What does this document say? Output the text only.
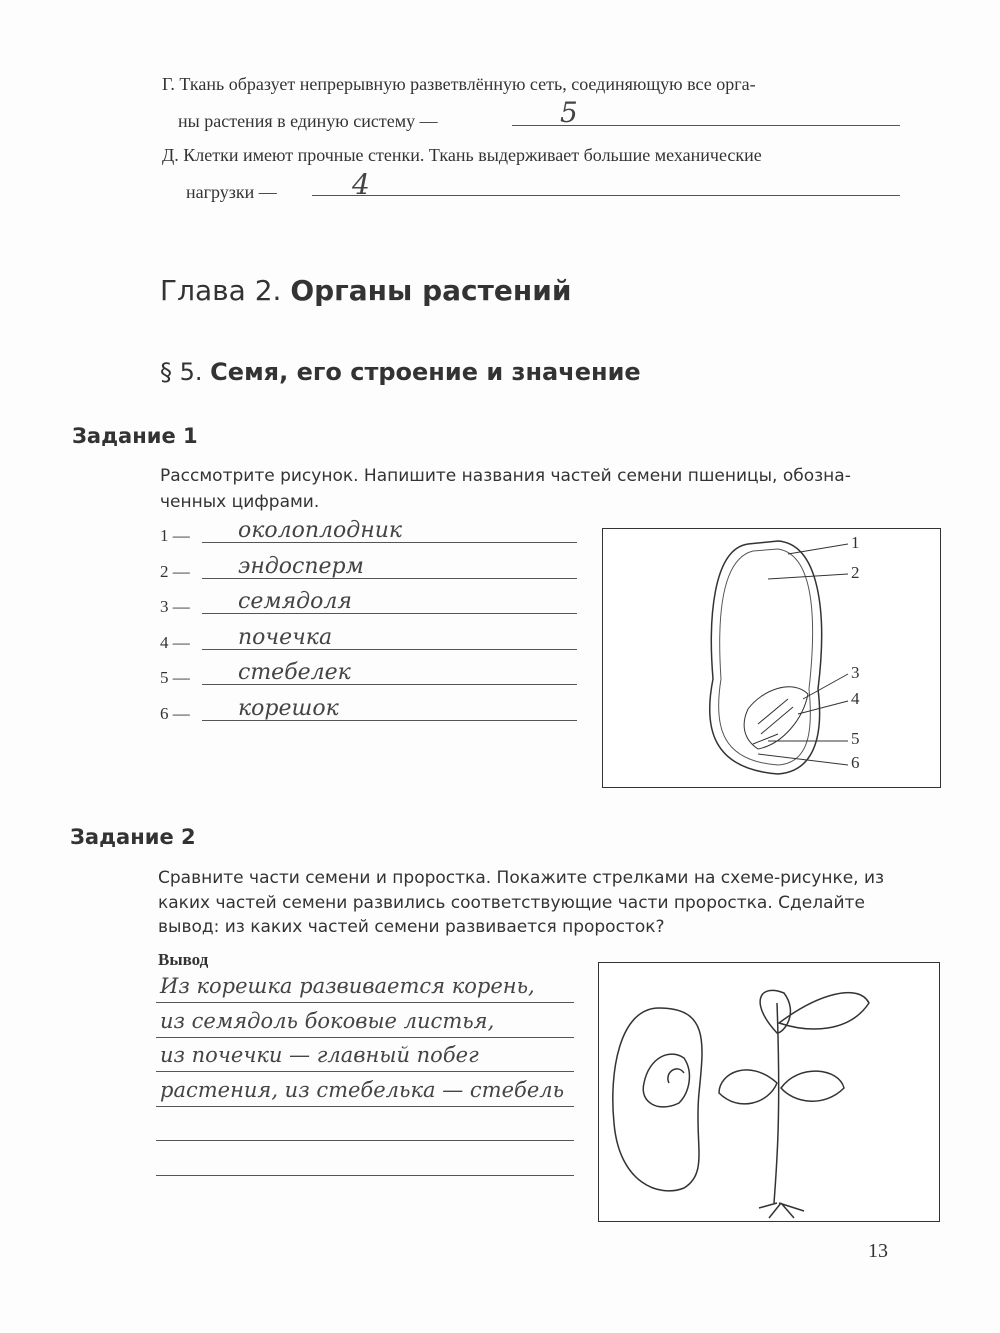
Г. Ткань образует непрерывную разветвлённую сеть, соединяющую все орга-
ны растения в единую систему —	5
Д. Клетки имеют прочные стенки. Ткань выдерживает большие механические
нагрузки —	4
Глава 2. Органы растений
§ 5. Семя, его строение и значение
Задание 1
Рассмотрите рисунок. Напишите названия частей семени пшеницы, обозна-
ченных цифрами.
1 — околоплодник
2 — эндосперм
3 — семядоля
4 — почечка
5 — стебелек
6 — корешок
1
2
3
4
5
6
Задание 2
Сравните части семени и проростка. Покажите стрелками на схеме-рисунке, из
каких частей семени развились соответствующие части проростка. Сделайте
вывод: из каких частей семени развивается проросток?
Вывод
Из корешка развивается корень,
из семядоль боковые листья,
из почечки — главный побег
растения, из стебелька — стебель
13
